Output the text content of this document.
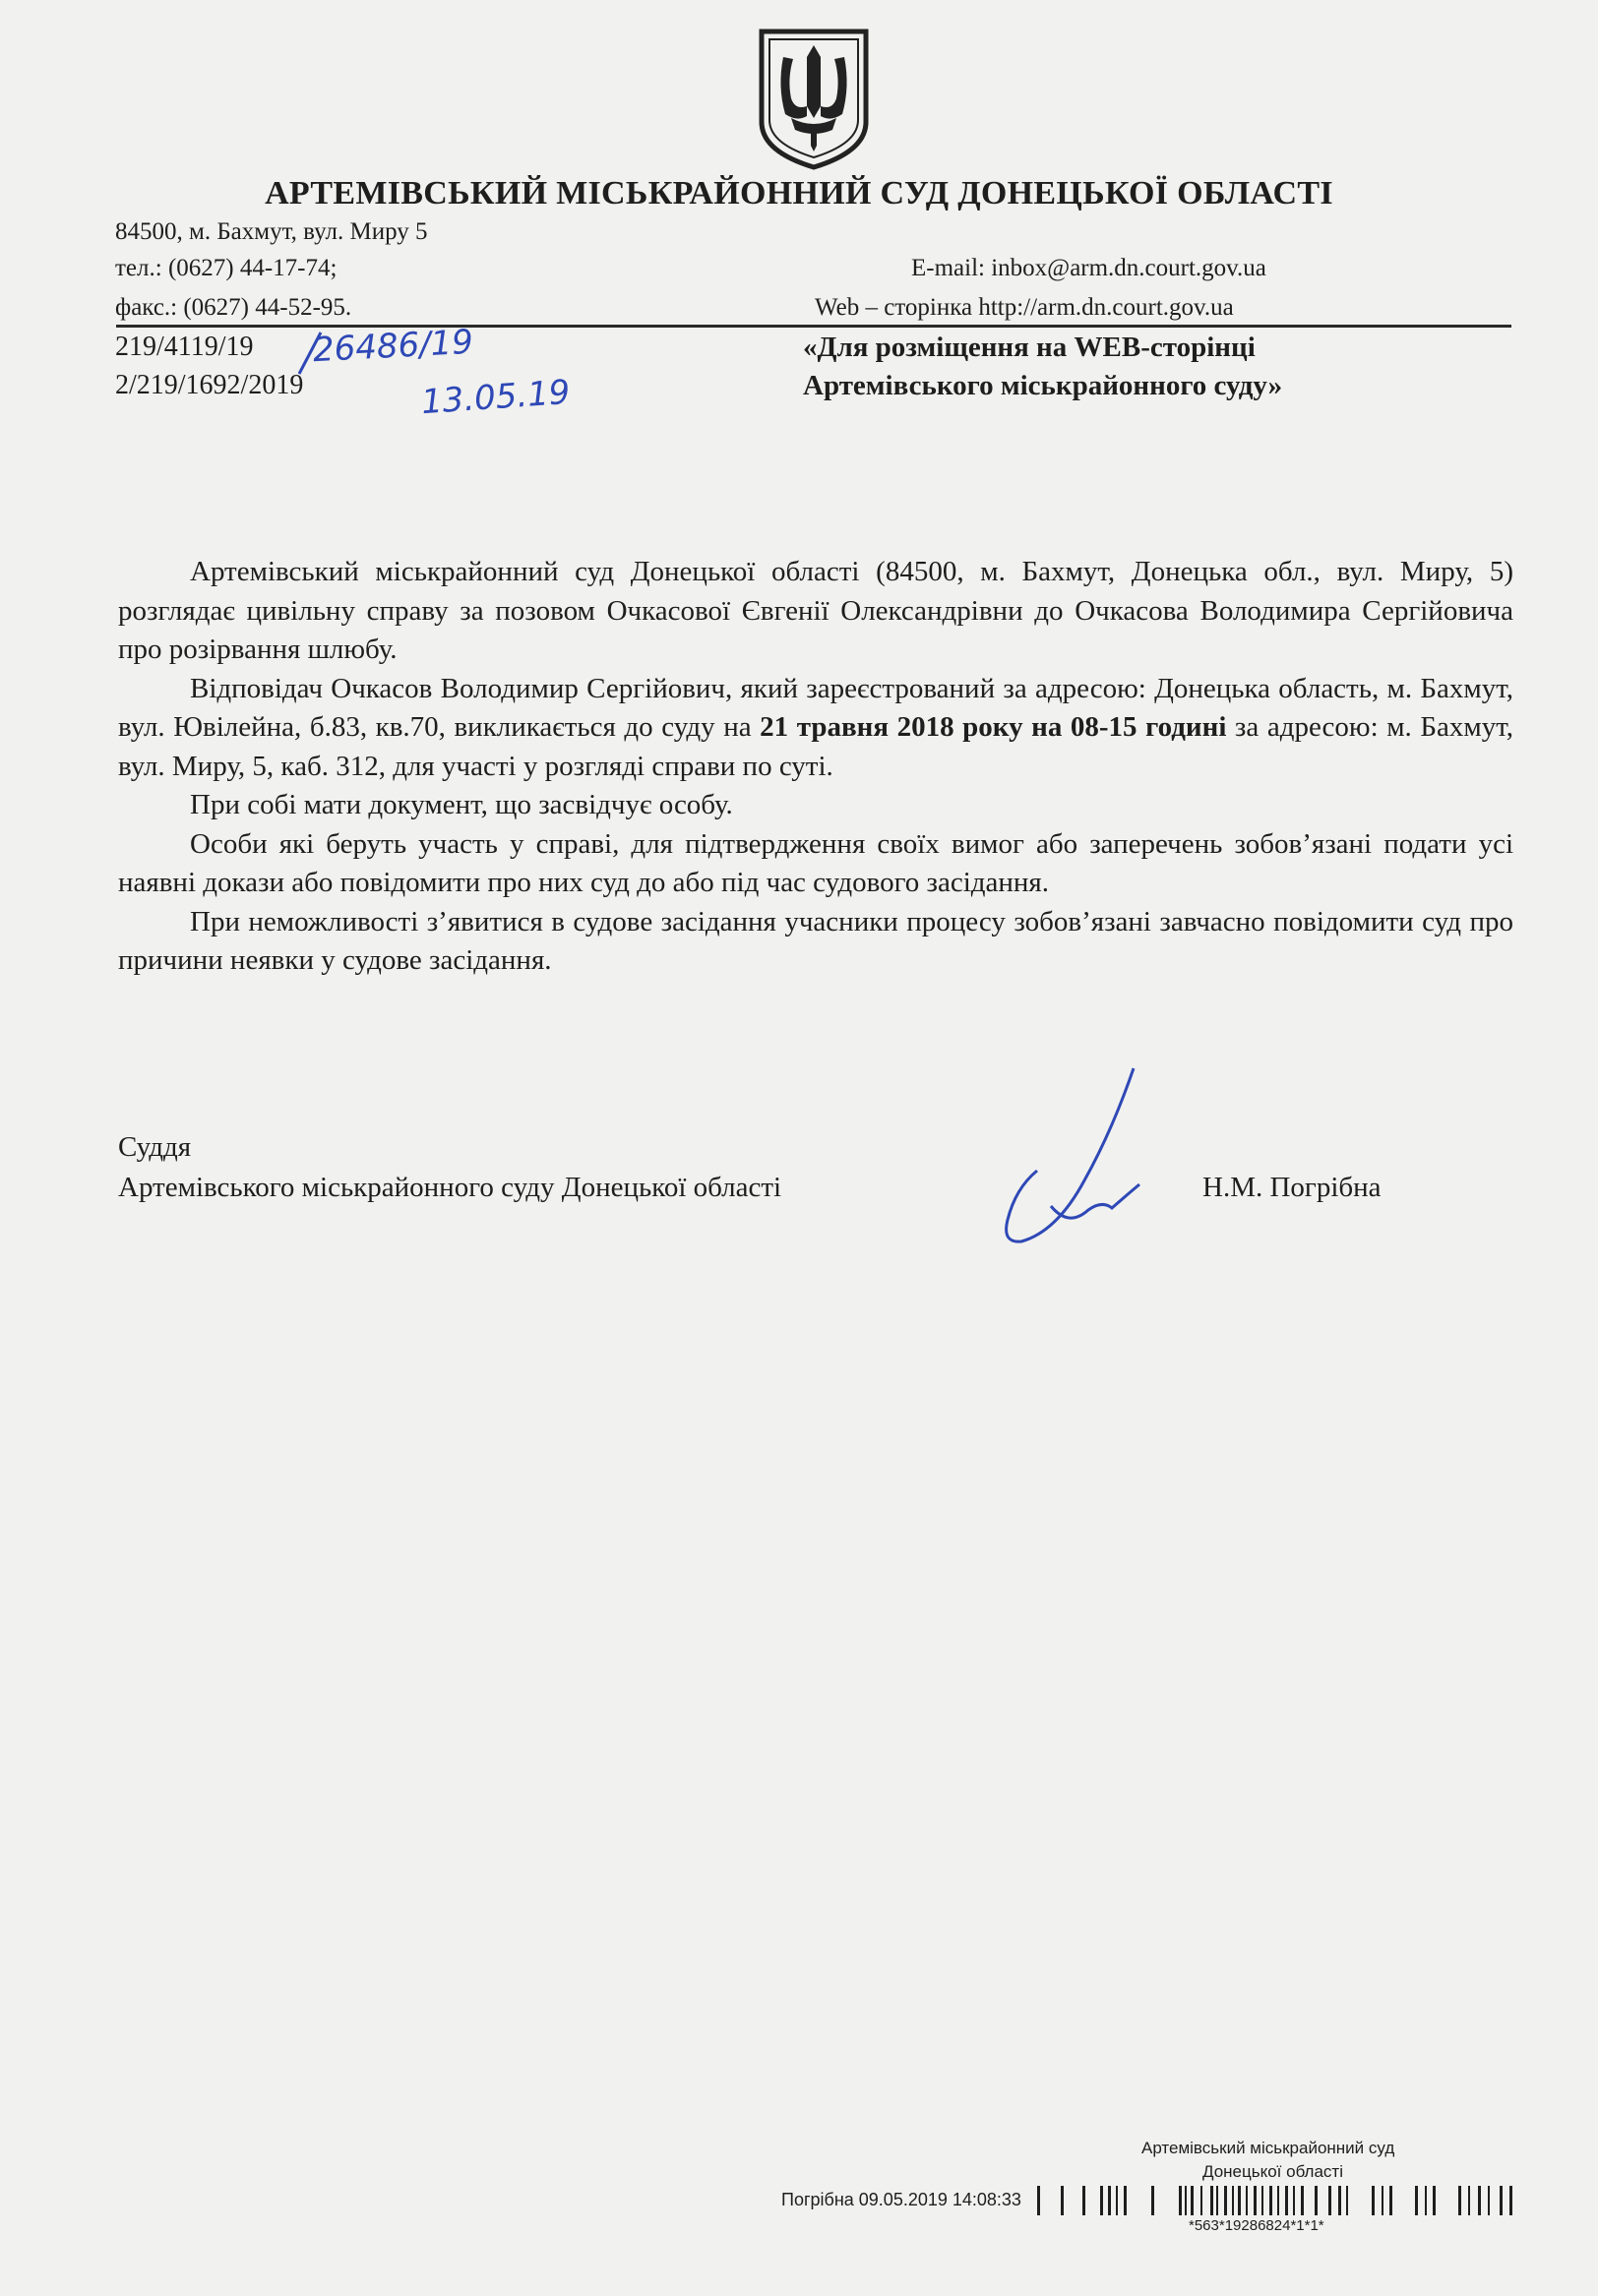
АРТЕМІВСЬКИЙ МІСЬКРАЙОННИЙ СУД ДОНЕЦЬКОЇ ОБЛАСТІ
84500, м. Бахмут, вул. Миру 5
тел.: (0627) 44-17-74;
факс.: (0627) 44-52-95.
E-mail: inbox@arm.dn.court.gov.ua
Web – сторінка http://arm.dn.court.gov.ua
219/4119/19
2/219/1692/2019
26486/19
13.05.19
«Для розміщення на WEB-сторінці
Артемівського міськрайонного суду»

Артемівський міськрайонний суд Донецької області (84500, м. Бахмут, Донецька обл., вул. Миру, 5) розглядає цивільну справу за позовом Очкасової Євгенії Олександрівни до Очкасова Володимира Сергійовича про розірвання шлюбу.

Відповідач Очкасов Володимир Сергійович, який зареєстрований за адресою: Донецька область, м. Бахмут, вул. Ювілейна, б.83, кв.70, викликається до суду на 21 травня 2018 року на 08-15 годині за адресою: м. Бахмут, вул. Миру, 5, каб. 312, для участі у розгляді справи по суті.

При собі мати документ, що засвідчує особу.

Особи які беруть участь у справі, для підтвердження своїх вимог або заперечень зобов’язані подати усі наявні докази або повідомити про них суд до або під час судового засідання.

При неможливості з’явитися в судове засідання учасники процесу зобов’язані завчасно повідомити суд про причини неявки у судове засідання.

Суддя
Артемівського міськрайонного суду Донецької області	Н.М. Погрібна
Артемівський міськрайонний суд
Донецької області
Погрібна 09.05.2019 14:08:33
*563*19286824*1*1*
